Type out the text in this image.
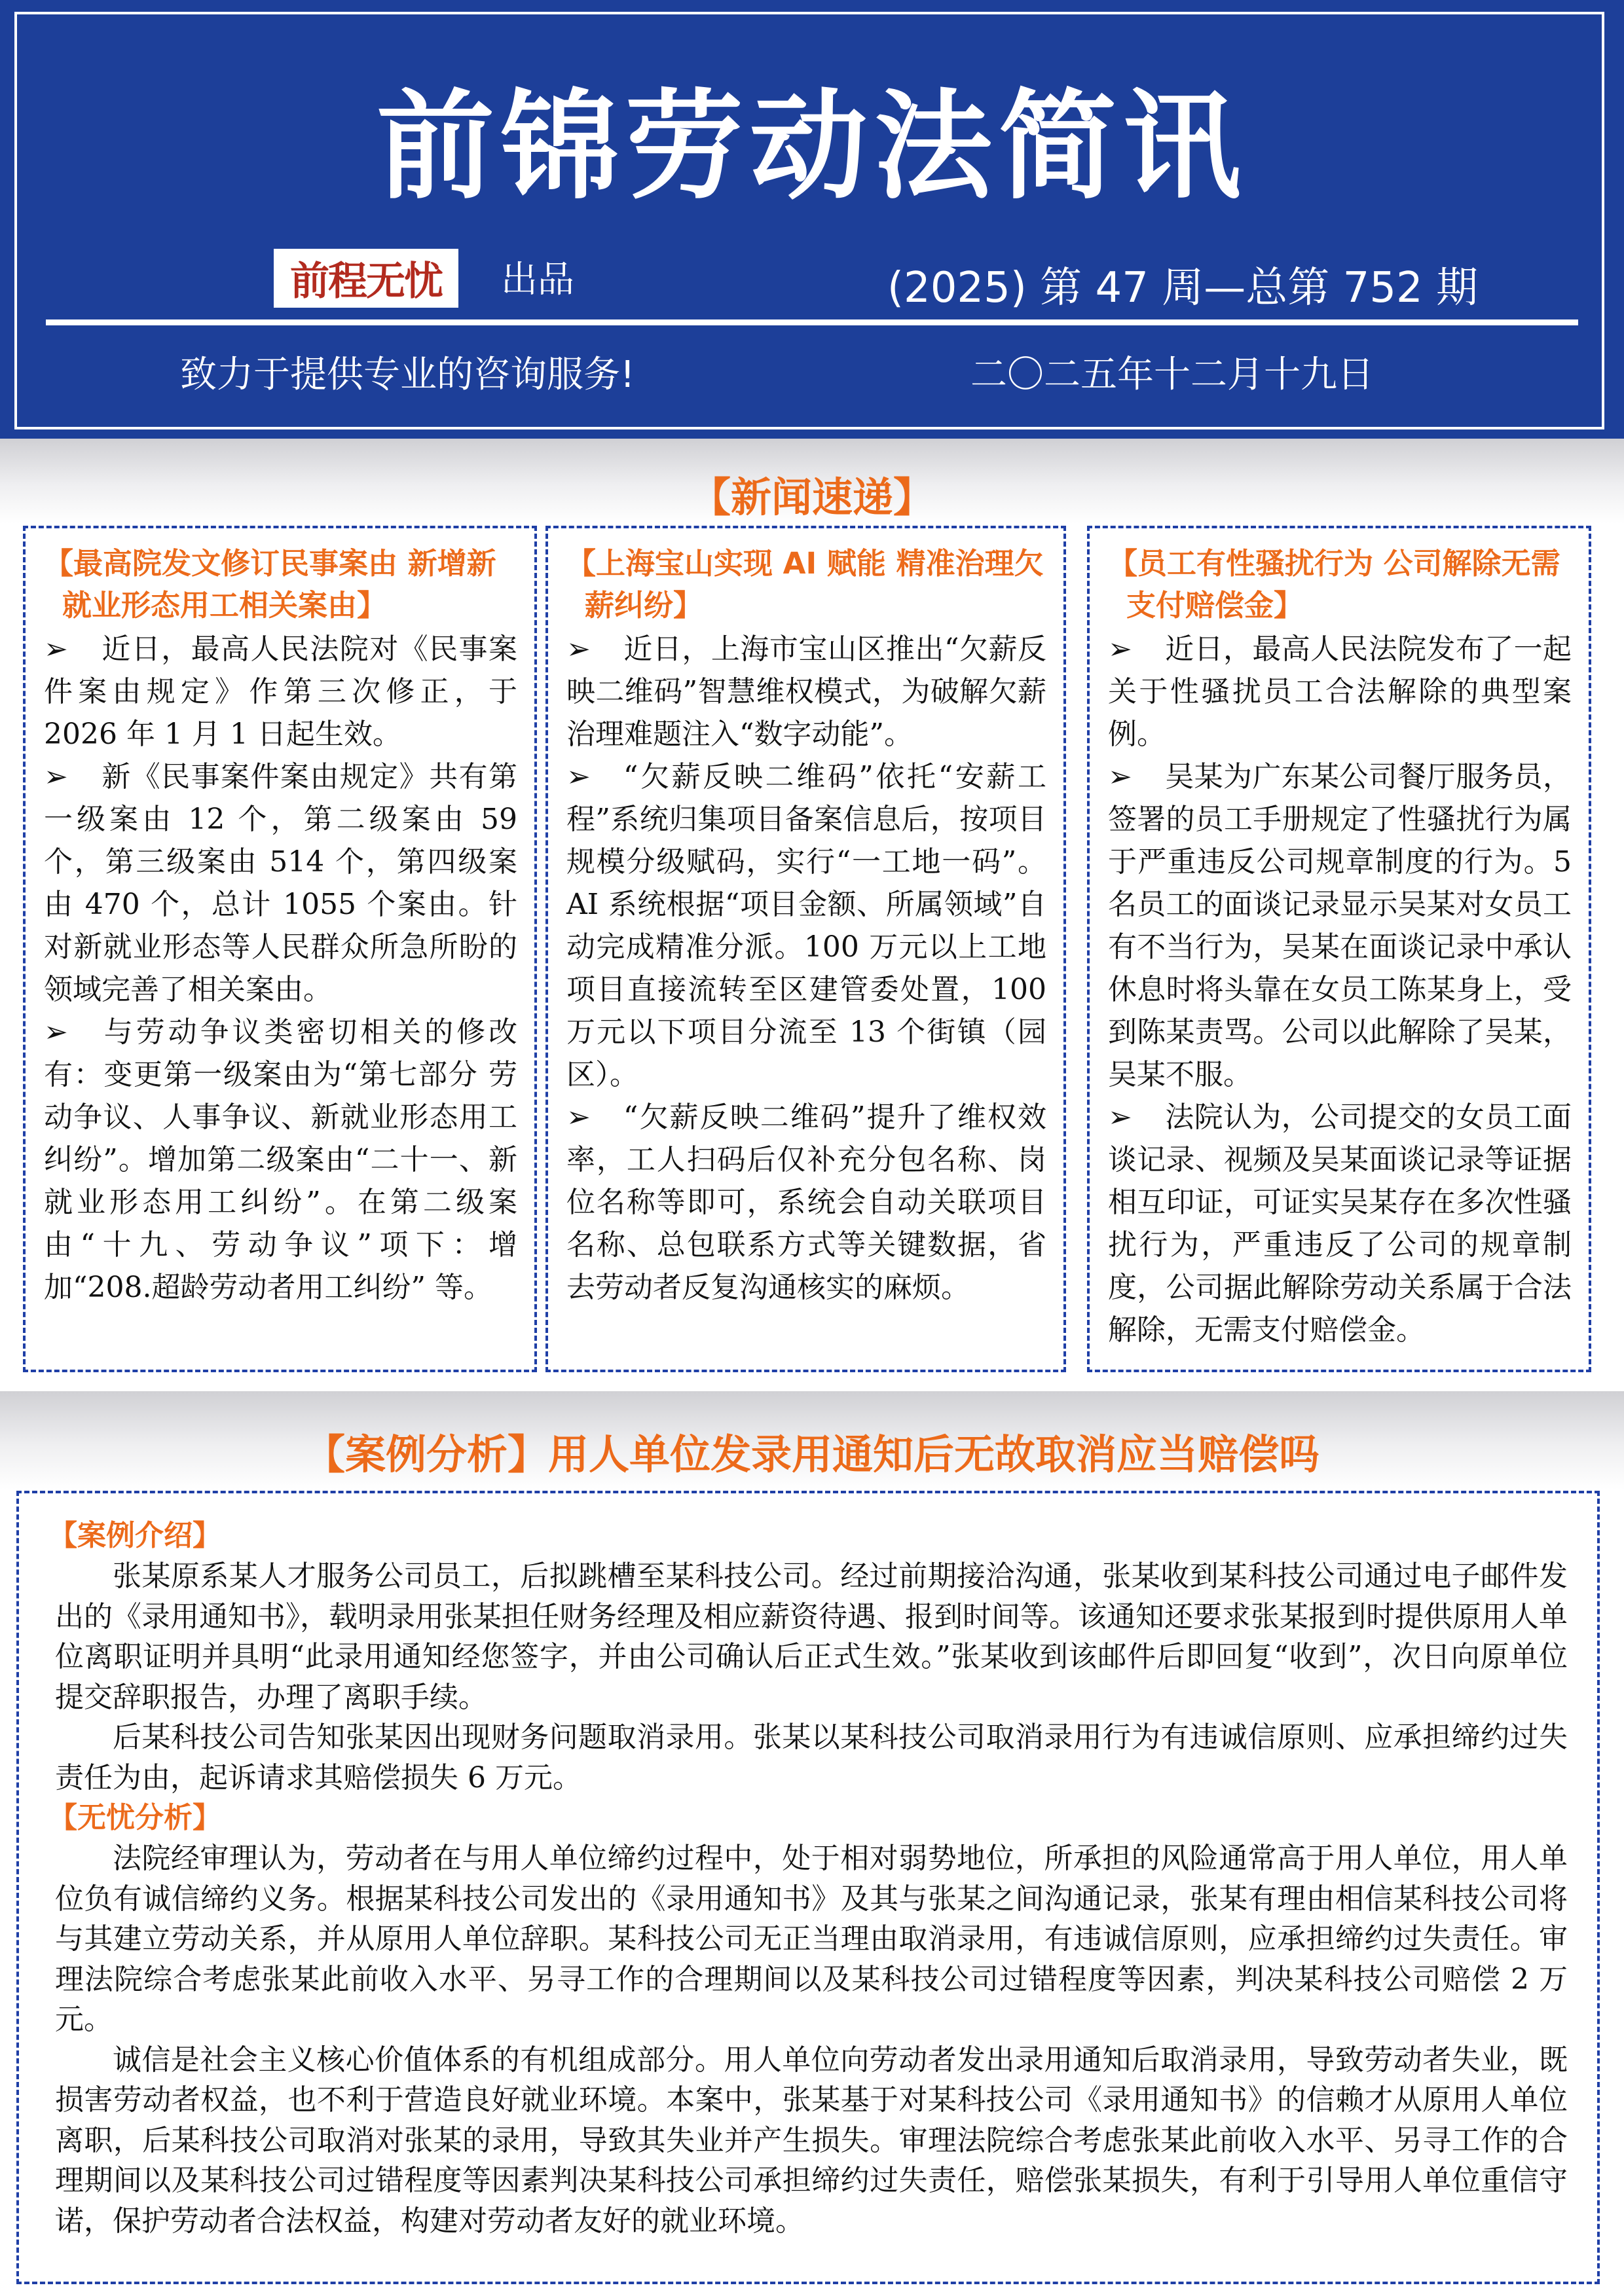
前锦劳动法简讯
前程无忧 出品	(2025) 第 47 周—总第 752 期
致力于提供专业的咨询服务!	二〇二五年十二月十九日
【新闻速递】
【最高院发文修订民事案由 新增新就业形态用工相关案由】

➢ 近日，最高人民法院对《民事案件案由规定》作第三次修正，于 2026 年 1 月 1 日起生效。

➢ 新《民事案件案由规定》共有第一级案由 12 个，第二级案由 59 个，第三级案由 514 个，第四级案由 470 个，总计 1055 个案由。针对新就业形态等人民群众所急所盼的领域完善了相关案由。

➢ 与劳动争议类密切相关的修改有：变更第一级案由为“第七部分 劳动争议、人事争议、新就业形态用工纠纷”。增加第二级案由“二十一、新就业形态用工纠纷”。在第二级案由“十九、劳动争议”项下：增加“208.超龄劳动者用工纠纷” 等。

【上海宝山实现 AI 赋能 精准治理欠薪纠纷】

➢ 近日，上海市宝山区推出“欠薪反映二维码”智慧维权模式，为破解欠薪治理难题注入“数字动能”。

➢ “欠薪反映二维码”依托“安薪工程”系统归集项目备案信息后，按项目规模分级赋码，实行“一工地一码”。AI 系统根据“项目金额、所属领域”自动完成精准分派。100 万元以上工地项目直接流转至区建管委处置，100 万元以下项目分流至 13 个街镇（园区）。

➢ “欠薪反映二维码”提升了维权效率，工人扫码后仅补充分包名称、岗位名称等即可，系统会自动关联项目名称、总包联系方式等关键数据，省去劳动者反复沟通核实的麻烦。

【员工有性骚扰行为 公司解除无需支付赔偿金】

➢ 近日，最高人民法院发布了一起关于性骚扰员工合法解除的典型案例。

➢ 吴某为广东某公司餐厅服务员，签署的员工手册规定了性骚扰行为属于严重违反公司规章制度的行为。5 名员工的面谈记录显示吴某对女员工有不当行为，吴某在面谈记录中承认休息时将头靠在女员工陈某身上，受到陈某责骂。公司以此解除了吴某，吴某不服。

➢ 法院认为，公司提交的女员工面谈记录、视频及吴某面谈记录等证据相互印证，可证实吴某存在多次性骚扰行为，严重违反了公司的规章制度，公司据此解除劳动关系属于合法解除，无需支付赔偿金。

【案例分析】用人单位发录用通知后无故取消应当赔偿吗
【案例介绍】

张某原系某人才服务公司员工，后拟跳槽至某科技公司。经过前期接洽沟通，张某收到某科技公司通过电子邮件发出的《录用通知书》，载明录用张某担任财务经理及相应薪资待遇、报到时间等。该通知还要求张某报到时提供原用人单位离职证明并具明“此录用通知经您签字，并由公司确认后正式生效。”张某收到该邮件后即回复“收到”，次日向原单位提交辞职报告，办理了离职手续。

后某科技公司告知张某因出现财务问题取消录用。张某以某科技公司取消录用行为有违诚信原则、应承担缔约过失责任为由，起诉请求其赔偿损失 6 万元。

【无忧分析】

法院经审理认为，劳动者在与用人单位缔约过程中，处于相对弱势地位，所承担的风险通常高于用人单位，用人单位负有诚信缔约义务。根据某科技公司发出的《录用通知书》及其与张某之间沟通记录，张某有理由相信某科技公司将与其建立劳动关系，并从原用人单位辞职。某科技公司无正当理由取消录用，有违诚信原则，应承担缔约过失责任。审理法院综合考虑张某此前收入水平、另寻工作的合理期间以及某科技公司过错程度等因素，判决某科技公司赔偿 2 万元。

诚信是社会主义核心价值体系的有机组成部分。用人单位向劳动者发出录用通知后取消录用，导致劳动者失业，既损害劳动者权益，也不利于营造良好就业环境。本案中，张某基于对某科技公司《录用通知书》的信赖才从原用人单位离职，后某科技公司取消对张某的录用，导致其失业并产生损失。审理法院综合考虑张某此前收入水平、另寻工作的合理期间以及某科技公司过错程度等因素判决某科技公司承担缔约过失责任，赔偿张某损失，有利于引导用人单位重信守诺，保护劳动者合法权益，构建对劳动者友好的就业环境。
